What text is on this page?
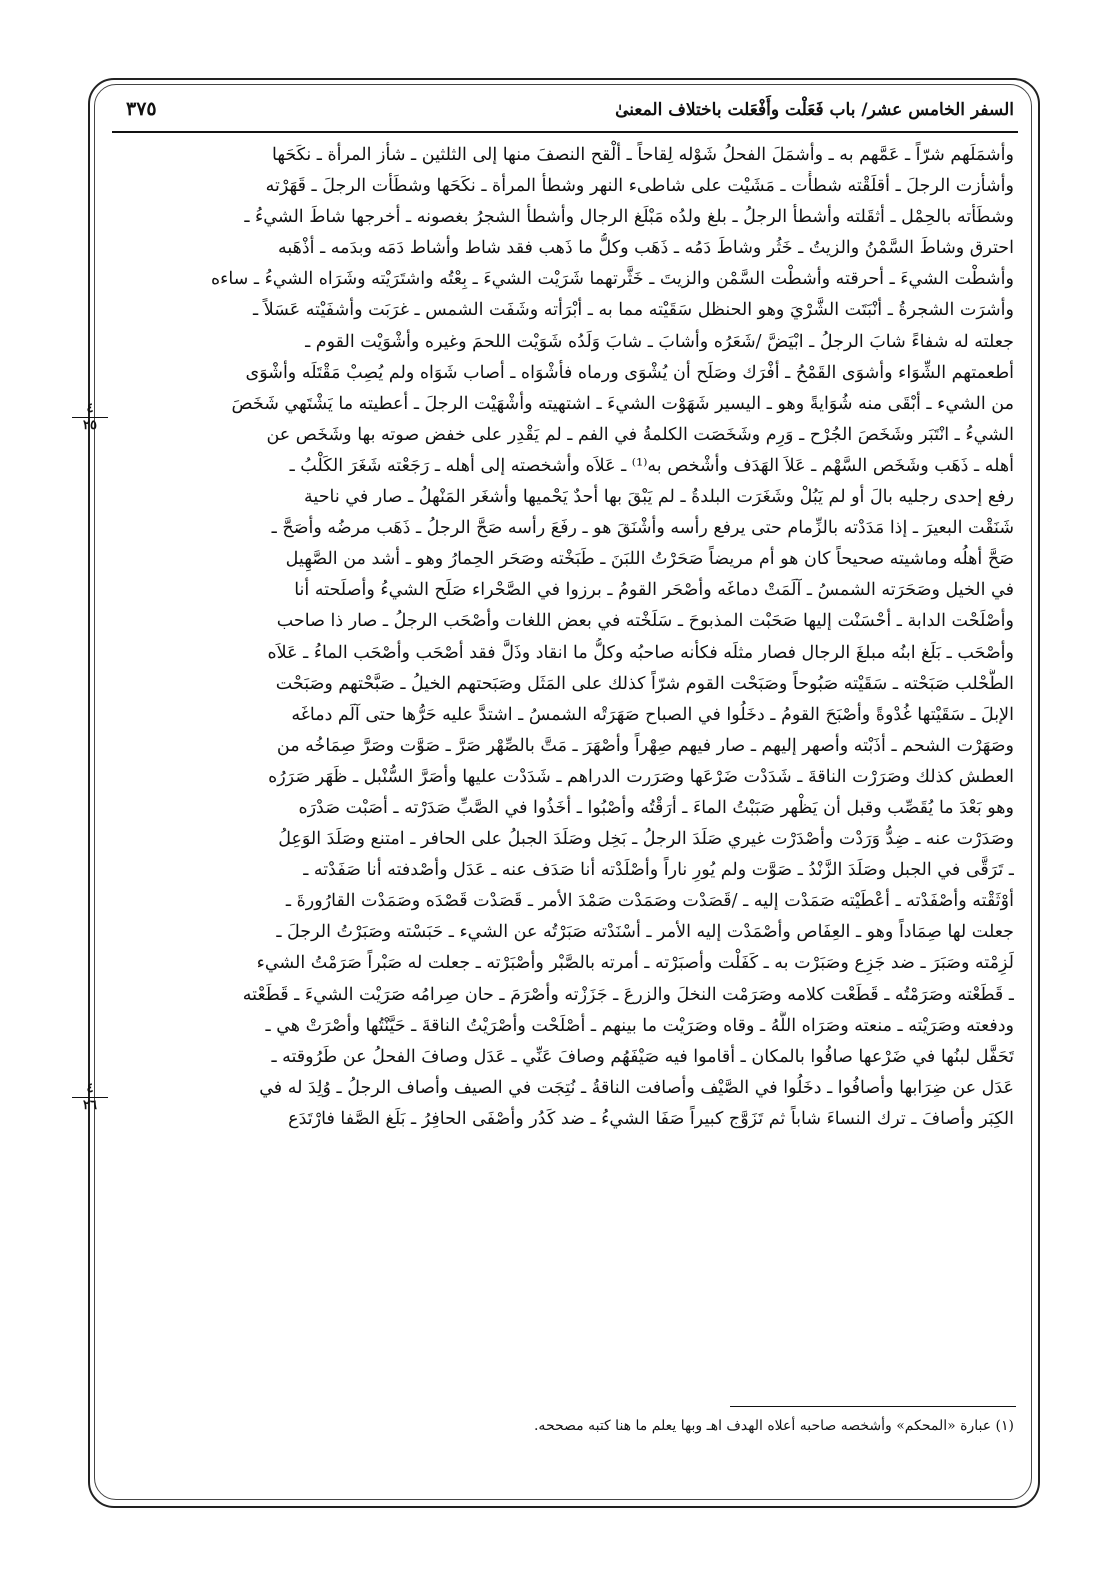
السفر الخامس عشر/ باب فَعَلْت وأَفْعَلت باختلاف المعنىٰ
٣٧٥
٤
٢٥
٤
٢٦
وأشمَلَهم شرّاً ـ عَمَّهم به ـ وأشمَلَ الفحلُ شَوْله لِقاحاً ـ ألْقح النصفَ منها إلى الثلثين ـ شأز المرأة ـ نكَحَها
وأشأزت الرجلَ ـ أقلَقْته شطأْت ـ مَشَيْت على شاطىء النهر وشطأ المرأة ـ نكَحَها وشطَأت الرجلَ ـ قَهَرْته
وشطَأته بالحِمْل ـ أثقَلته وأشطأ الرجلُ ـ بلغ ولدُه مَبْلَغ الرجال وأشطأ الشجرُ بغصونه ـ أخرجها شاطَ الشيءُ ـ
احترق وشاطَ السَّمْنُ والزيتُ ـ خَثُر وشاطَ دَمُه ـ ذَهَب وكلُّ ما ذَهب فقد شاط وأشاط دَمَه وبدَمه ـ أذْهَبه
وأشطْت الشيءَ ـ أحرقته وأشطْت السَّمْن والزيتَ ـ خَثَّرتهما شَرَيْت الشيءَ ـ بِعْتُه واشتَرَيْته وشَرَاه الشيءُ ـ ساءه
وأشرَت الشجرةُ ـ أنْبَتَت الشَّرْيَ وهو الحنظل سَقَيْته مما به ـ أبْرَأته وشَفَت الشمس ـ غرَبَت وأشفَيْته عَسَلاً ـ
جعلته له شفاءً شابَ الرجلُ ـ ابْيَضَّ /شَعَرُه وأشابَ ـ شابَ وَلَدُه شَوَيْت اللحمَ وغيره وأشْوَيْت القوم ـ
أطعمتهم الشِّوَاء وأشوَى القَمْحُ ـ أفْرَك وصَلَح أن يُشْوَى ورماه فأشْوَاه ـ أصاب شَوَاه ولم يُصِبْ مَقْتَلَه وأشْوَى
من الشيء ـ أبْقَى منه شُوَايةً وهو ـ اليسير شَهَوْت الشيءَ ـ اشتهيته وأشْهَيْت الرجلَ ـ أعطيته ما يَشْتَهي شَخَصَ
الشيءُ ـ انْتَبَر وشَخَصَ الجُرْح ـ وَرِم وشَخَصَت الكلمةُ في الفم ـ لم يَقْدِر على خفض صوته بها وشَخَص عن
أهله ـ ذَهَب وشَخَص السَّهْم ـ عَلاَ الهَدَف وأشْخص به⁽¹⁾ ـ عَلاَه وأشخصته إلى أهله ـ رَجَعْته شَغَرَ الكَلْبُ ـ
رفع إحدى رجليه بالَ أو لم يَبُلْ وشَغَرَت البلدةُ ـ لم يَبْقَ بها أحدٌ يَحْميها وأشغَر المَنْهلُ ـ صار في ناحية
شَنَقْت البعيرَ ـ إذا مَدَدْته بالزِّمام حتى يرفع رأسه وأشْنَقَ هو ـ رفَعَ رأسه صَحَّ الرجلُ ـ ذَهَب مرضُه وأصَحَّ ـ
صَحَّ أهلُه وماشيته صحيحاً كان هو أم مريضاً صَحَرْتُ اللبَنَ ـ طَبَخْته وصَحَر الحِمارُ وهو ـ أشد من الصَّهِيل
في الخيل وصَحَرَته الشمسُ ـ آلَمَتْ دماغَه وأصْحَر القومُ ـ برزوا في الصَّحْراء صَلَح الشيءُ وأصلَحته أنا
وأصْلَحْت الدابة ـ أحْسَنْت إليها صَحَبْت المذبوحَ ـ سَلَخْته في بعض اللغات وأصْحَب الرجلُ ـ صار ذا صاحب
وأصْحَب ـ بَلَغ ابنُه مبلغَ الرجال فصار مثلَه فكأنه صاحبُه وكلُّ ما انقاد وذَلَّ فقد أصْحَب وأصْحَب الماءُ ـ عَلاَه
الطُّحْلب صَبَحْته ـ سَقَيْته صَبُوحاً وصَبَحْت القوم شرّاً كذلك على المَثَل وصَبَحتهم الخيلُ ـ صَبَّحْتهم وصَبَحْت
الإبلَ ـ سَقَيْتها غُدْوةً وأصْبَحَ القومُ ـ دخَلُوا في الصباح صَهَرَتْه الشمسُ ـ اشتدَّ عليه حَرُّها حتى آلَم دماغَه
وصَهَرْت الشحم ـ أذَبْته وأصهر إليهم ـ صار فيهم صِهْراً وأصْهَرَ ـ مَتَّ بالصِّهْر صَرَّ ـ صَوَّت وصَرَّ صِمَاخُه من
العطش كذلك وصَرَرْت الناقةَ ـ شَدَدْت ضَرْعَها وصَرَرت الدراهم ـ شَدَدْت عليها وأصَرَّ السُّنْبل ـ ظَهَر صَرَرُه
وهو بَعْدَ ما يُقَصِّب وقبل أن يَظْهر صَبَبْتُ الماءَ ـ أرَقْتُه وأصْبُوا ـ أخَذُوا في الصَّبِّ صَدَرْته ـ أصَبْت صَدْرَه
وصَدَرْت عنه ـ ضِدُّ وَرَدْت وأصْدَرْت غيري صَلَدَ الرجلُ ـ بَخِل وصَلَدَ الجبلُ على الحافر ـ امتنع وصَلَدَ الوَعِلُ
ـ تَرَقَّى في الجبل وصَلَدَ الزَّنْدُ ـ صَوَّت ولم يُورِ ناراً وأصْلَدْته أنا صَدَف عنه ـ عَدَل وأصْدفته أنا صَفَدْته ـ
أوْثَقْته وأصْفَدْته ـ أعْطَيْته صَمَدْت إليه ـ /قَصَدْت وصَمَدْت صَمْدَ الأمر ـ قَصَدْت قَصْدَه وصَمَدْت القارُورةَ ـ
جعلت لها صِمَاداً وهو ـ العِفَاص وأصْمَدْت إليه الأمر ـ أسْنَدْته صَبَرْتُه عن الشيء ـ حَبَسْته وصَبَرْتُ الرجلَ ـ
لَزِمْته وصَبَرَ ـ ضد جَزِع وصَبَرْت به ـ كَفَلْت وأصبَرْته ـ أمرته بالصَّبْر وأصْبَرْته ـ جعلت له صَبْراً صَرَمْتُ الشيء
ـ قَطَعْته وصَرَمْتُه ـ قَطَعْت كلامه وصَرَمْت النخلَ والزرعَ ـ جَزَزْته وأصْرَمَ ـ حان صِرامُه صَرَيْت الشيءَ ـ قَطَعْته
ودفعته وصَرَيْته ـ منعته وصَرَاه اللَّهُ ـ وقاه وصَرَيْت ما بينهم ـ أصْلَحْت وأصْرَيْتُ الناقةَ ـ حَيَّنْتُها وأصْرَتْ هي ـ
تَحَفَّل لبنُها في ضَرْعها صافُوا بالمكان ـ أقاموا فيه صَيْفَهُم وصافَ عَنِّي ـ عَدَل وصافَ الفحلُ عن طَرُوقته ـ
عَدَل عن ضِرَابها وأصافُوا ـ دخَلُوا في الصَّيْف وأصافت الناقةُ ـ نُتِجَت في الصيف وأصاف الرجلُ ـ وُلِدَ له في
الكِبَر وأصافَ ـ ترك النساءَ شاباً ثم تَزَوَّج كبيراً صَفَا الشيءُ ـ ضد كَدُر وأصْفَى الحافِرُ ـ بَلَغ الصَّفا فارْتَدَع
(١) عبارة «المحكم» وأشخصه صاحبه أعلاه الهدف اهـ وبها يعلم ما هنا كتبه مصححه.
